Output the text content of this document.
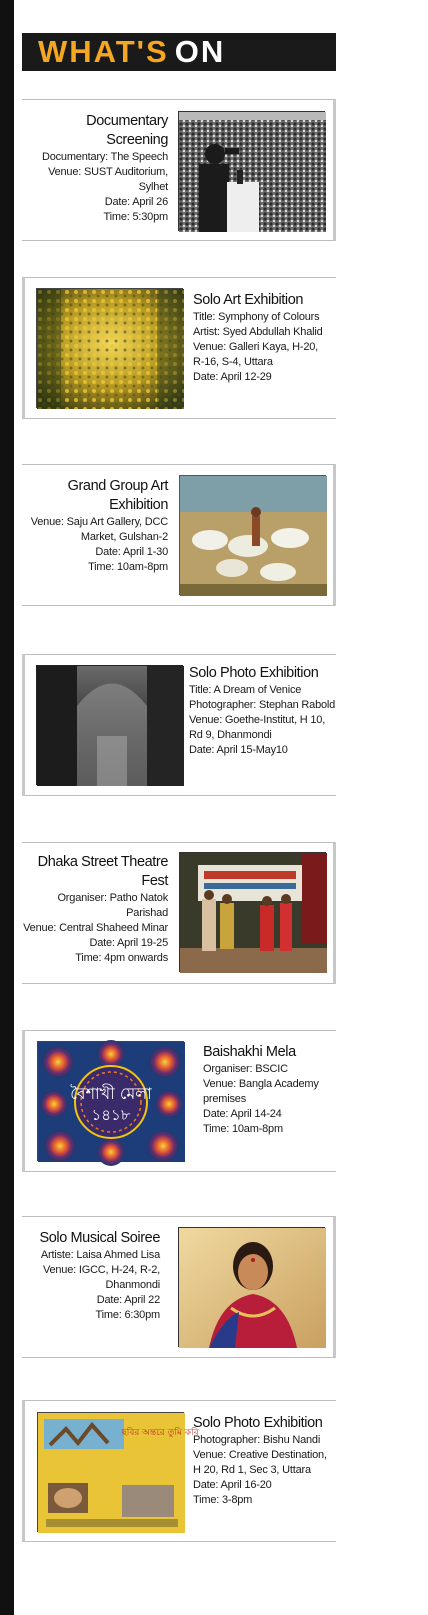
WHAT'S ON
Documentary Screening
Documentary: The Speech
Venue: SUST Auditorium,
Sylhet
Date: April 26
Time: 5:30pm
Solo Art Exhibition
Title: Symphony of Colours
Artist: Syed Abdullah Khalid
Venue: Galleri Kaya, H-20,
R-16, S-4, Uttara
Date: April 12-29
Grand Group Art
Exhibition
Venue: Saju Art Gallery, DCC
Market, Gulshan-2
Date: April 1-30
Time: 10am-8pm
Solo Photo Exhibition
Title: A Dream of Venice
Photographer: Stephan Rabold
Venue: Goethe-Institut, H 10,
Rd 9, Dhanmondi
Date: April 15-May10
Dhaka Street Theatre Fest
Organiser: Patho Natok
Parishad
Venue: Central Shaheed Minar
Date: April 19-25
Time: 4pm onwards
বৈশাখী মেলা
১৪১৮
Baishakhi Mela
Organiser: BSCIC
Venue: Bangla Academy
premises
Date: April 14-24
Time: 10am-8pm
Solo Musical Soiree
Artiste: Laisa Ahmed Lisa
Venue: IGCC, H-24, R-2,
Dhanmondi
Date: April 22
Time: 6:30pm
ছবির অন্তরে তুমি কবি
Solo Photo Exhibition
Photographer: Bishu Nandi
Venue: Creative Destination,
H 20, Rd 1, Sec 3, Uttara
Date: April 16-20
Time: 3-8pm
